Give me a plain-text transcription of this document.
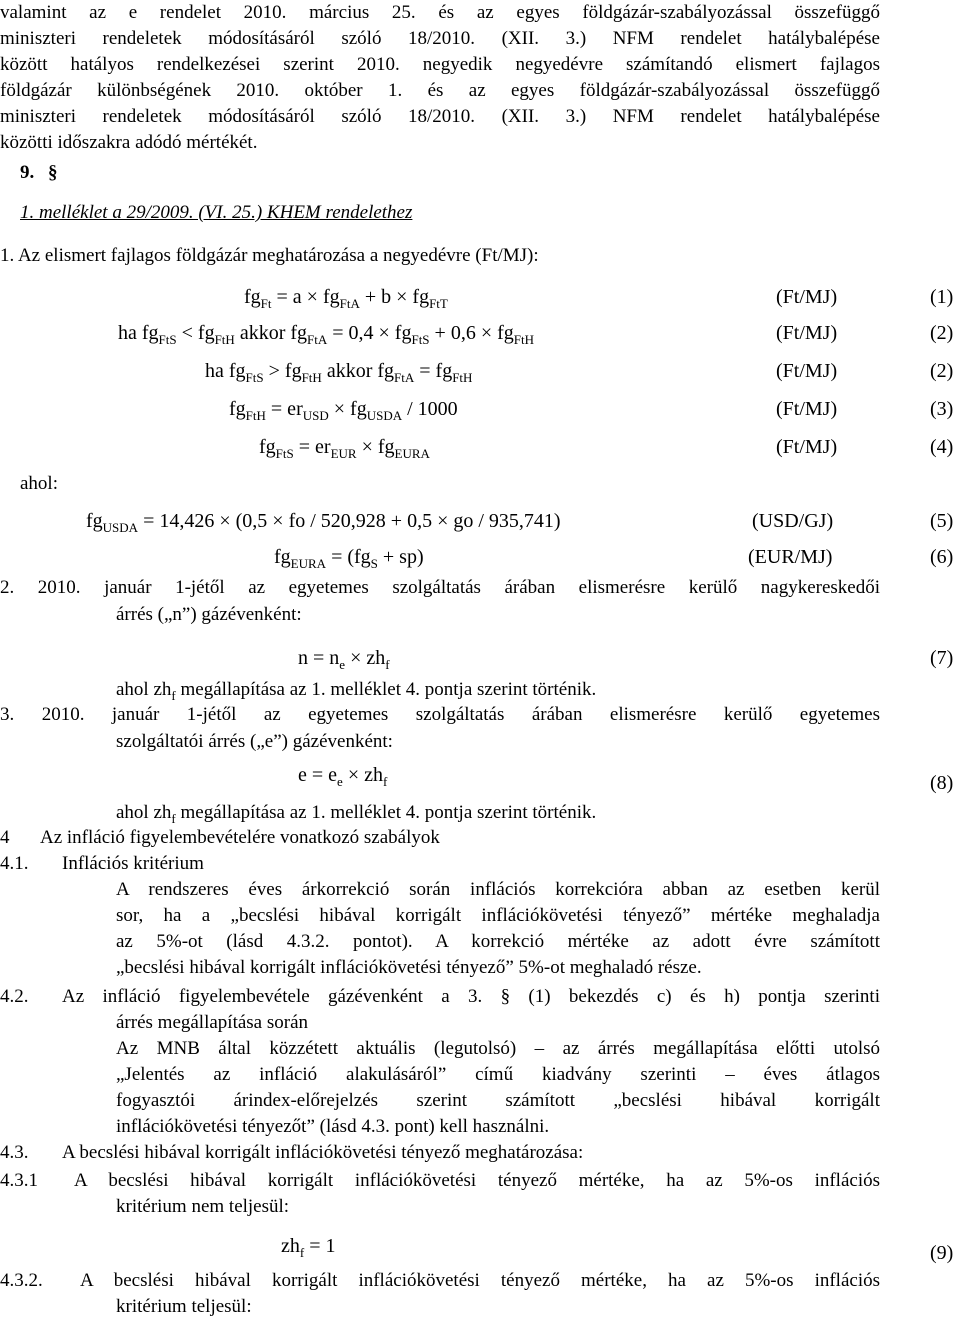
valamint az e rendelet 2010. március 25. és az egyes földgázár-szabályozással összefüggő
miniszteri rendeletek módosításáról szóló 18/2010. (XII. 3.) NFM rendelet hatálybalépése
között hatályos rendelkezései szerint 2010. negyedik negyedévre számítandó elismert fajlagos
földgázár különbségének 2010. október 1. és az egyes földgázár-szabályozással összefüggő
miniszteri rendeletek módosításáról szóló 18/2010. (XII. 3.) NFM rendelet hatálybalépése
közötti időszakra adódó mértékét.
9. §
1. melléklet a 29/2009. (VI. 25.) KHEM rendelethez
1. Az elismert fajlagos földgázár meghatározása a negyedévre (Ft/MJ):
$fg_{Ft} = a \times fg_{FtA} + b \times fg_{FtT}$	(Ft/MJ)	(1)
ha $fg_{FtS} < fg_{FtH}$ akkor $fg_{FtA} = 0,4 \times fg_{FtS} + 0,6 \times fg_{FtH}$	(Ft/MJ)	(2)
ha $fg_{FtS} > fg_{FtH}$ akkor $fg_{FtA} = fg_{FtH}$	(Ft/MJ)	(2)
$fg_{FtH} = er_{USD} \times fg_{USDA} / 1000$	(Ft/MJ)	(3)
$fg_{FtS} = er_{EUR} \times fg_{EURA}$	(Ft/MJ)	(4)
ahol:
$fg_{USDA} = 14,426 \times (0,5$ × fo / 520,928 + 0,5 × go / 935,741)	(USD/GJ)	(5)
$fg_{EURA} = (fg_S + sp)$	(EUR/MJ)	(6)
2. 2010. január 1-jétől az egyetemes szolgáltatás árában elismerésre kerülő nagykereskedői
árrés („n”) gázévenként:
$n = n_e \times zh_f$	(7)
ahol $zh_f$ megállapítása az 1. melléklet 4. pontja szerint történik.
3. 2010. január 1-jétől az egyetemes szolgáltatás árában elismerésre kerülő egyetemes
szolgáltatói árrés („e”) gázévenként:
$e = e_e \times zh_f$	(8)
ahol $zh_f$ megállapítása az 1. melléklet 4. pontja szerint történik.
4 Az infláció figyelembevételére vonatkozó szabályok
4.1. Inflációs kritérium
A rendszeres éves árkorrekció során inflációs korrekcióra abban az esetben kerül
sor, ha a „becslési hibával korrigált inflációkövetési tényező” mértéke meghaladja
az 5%-ot (lásd 4.3.2. pontot). A korrekció mértéke az adott évre számított
„becslési hibával korrigált inflációkövetési tényező” 5%-ot meghaladó része.
4.2. Az infláció figyelembevétele gázévenként a 3. § (1) bekezdés c) és h) pontja szerinti
árrés megállapítása során
Az MNB által közzétett aktuális (legutolsó) – az árrés megállapítása előtti utolsó
„Jelentés az infláció alakulásáról” című kiadvány szerinti – éves átlagos
fogyasztói árindex-előrejelzés szerint számított „becslési hibával korrigált
inflációkövetési tényezőt” (lásd 4.3. pont) kell használni.
4.3. A becslési hibával korrigált inflációkövetési tényező meghatározása:
4.3.1 A becslési hibával korrigált inflációkövetési tényező mértéke, ha az 5%-os inflációs
kritérium nem teljesül:
$zh_f = 1$	(9)
4.3.2. A becslési hibával korrigált inflációkövetési tényező mértéke, ha az 5%-os inflációs
kritérium teljesül:
